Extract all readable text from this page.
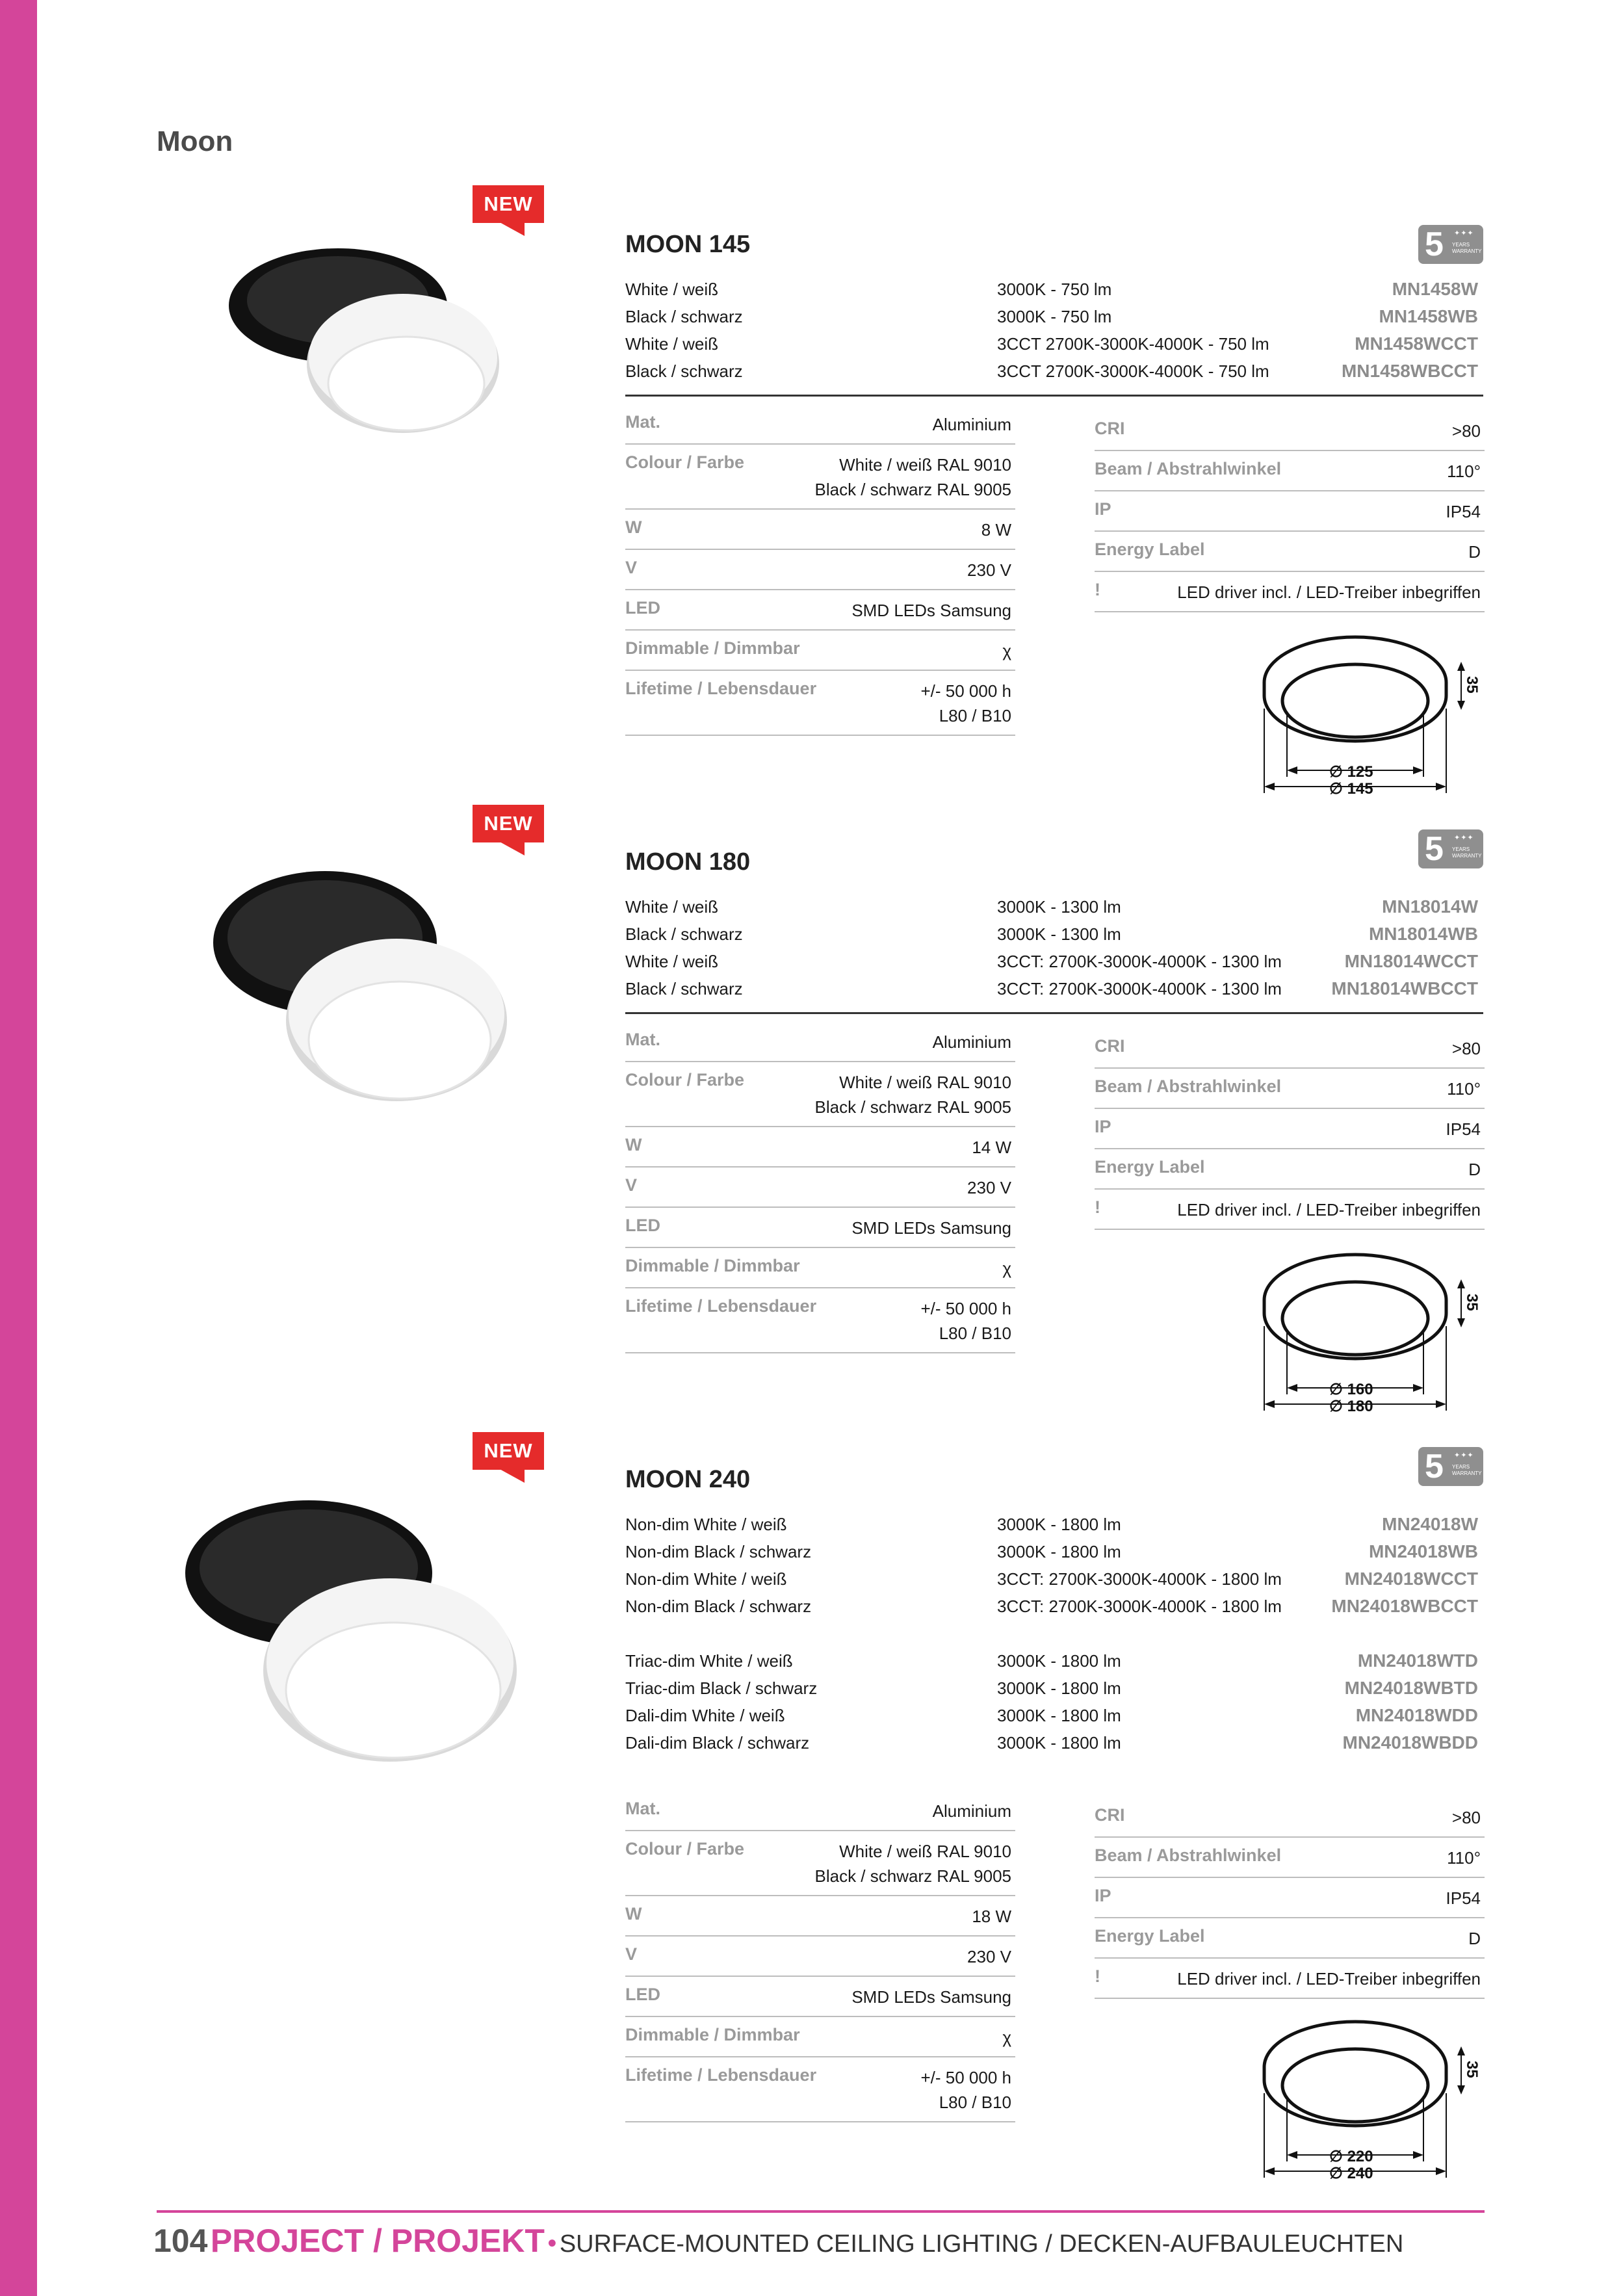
Moon
NEW
MOON 145	5 ✦✦✦
YEARS
WARRANTY
White / weiß	3000K - 750 lm	MN1458W
Black / schwarz	3000K - 750 lm	MN1458WB
White / weiß	3CCT 2700K-3000K-4000K - 750 lm	MN1458WCCT
Black / schwarz	3CCT 2700K-3000K-4000K - 750 lm	MN1458WBCCT
Mat.	Aluminium
Colour / Farbe	White / weiß RAL 9010
Black / schwarz RAL 9005
W	8 W
V	230 V
LED	SMD LEDs Samsung
Dimmable / Dimmbar	χ
Lifetime / Lebensdauer	+/- 50 000 h
L80 / B10
CRI	>80
Beam / Abstrahlwinkel	110°
IP	IP54
Energy Label	D
!	LED driver incl. / LED-Treiber inbegriffen
∅ 125
∅ 145
35
NEW
MOON 180	5 ✦✦✦
YEARS
WARRANTY
White / weiß	3000K - 1300 lm	MN18014W
Black / schwarz	3000K - 1300 lm	MN18014WB
White / weiß	3CCT: 2700K-3000K-4000K - 1300 lm	MN18014WCCT
Black / schwarz	3CCT: 2700K-3000K-4000K - 1300 lm	MN18014WBCCT
Mat.	Aluminium
Colour / Farbe	White / weiß RAL 9010
Black / schwarz RAL 9005
W	14 W
V	230 V
LED	SMD LEDs Samsung
Dimmable / Dimmbar	χ
Lifetime / Lebensdauer	+/- 50 000 h
L80 / B10
CRI	>80
Beam / Abstrahlwinkel	110°
IP	IP54
Energy Label	D
!	LED driver incl. / LED-Treiber inbegriffen
∅ 160
∅ 180
35
NEW
MOON 240	5 ✦✦✦
YEARS
WARRANTY
Non-dim White / weiß	3000K - 1800 lm	MN24018W
Non-dim Black / schwarz	3000K - 1800 lm	MN24018WB
Non-dim White / weiß	3CCT: 2700K-3000K-4000K - 1800 lm	MN24018WCCT
Non-dim Black / schwarz	3CCT: 2700K-3000K-4000K - 1800 lm	MN24018WBCCT
Triac-dim White / weiß	3000K - 1800 lm	MN24018WTD
Triac-dim Black / schwarz	3000K - 1800 lm	MN24018WBTD
Dali-dim White / weiß	3000K - 1800 lm	MN24018WDD
Dali-dim Black / schwarz	3000K - 1800 lm	MN24018WBDD
Mat.	Aluminium
Colour / Farbe	White / weiß RAL 9010
Black / schwarz RAL 9005
W	18 W
V	230 V
LED	SMD LEDs Samsung
Dimmable / Dimmbar	χ
Lifetime / Lebensdauer	+/- 50 000 h
L80 / B10
CRI	>80
Beam / Abstrahlwinkel	110°
IP	IP54
Energy Label	D
!	LED driver incl. / LED-Treiber inbegriffen
∅ 220
∅ 240
35
104 PROJECT / PROJEKT • SURFACE-MOUNTED CEILING LIGHTING / DECKEN-AUFBAULEUCHTEN
